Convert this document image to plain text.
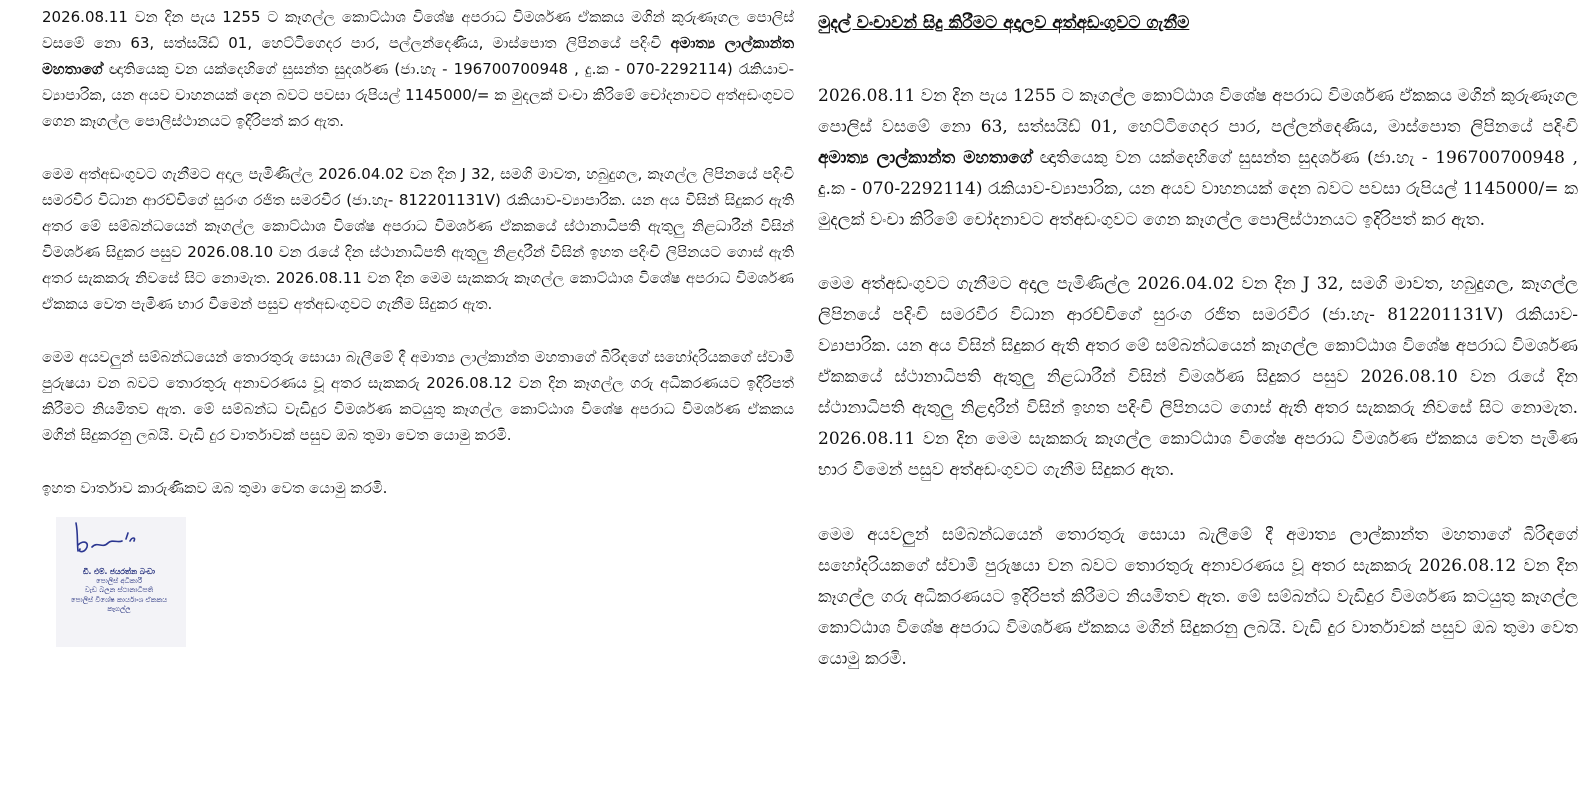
2026.08.11 වන දින පැය 1255 ට කෑගල්ල කොට්ඨාශ විශේෂ අපරාධ විමර්ශණ ඒකකය මගින් කුරුණෑගල පොලිස් වසමේ නො 63, සත්සයිඩ් 01, හෙට්ටිගෙදර පාර, පල්ලන්දෙණිය, මාස්පොත ලිපිනයේ පදිංචි අමාත්‍ය ලාල්කාන්ත මහතාගේ ඥාතියෙකු වන යක්දෙහිගේ සුසන්ත සුදර්ශණ (ජා.හැ - 196700700948 , දු.ක - 070-2292114) රැකියාව-ව්‍යාපාරික, යන අයව වාහනයක් දෙන බවට පවසා රුපියල් 1145000/= ක මුදලක් වංචා කිරිමේ චෝදනාවට අත්අඩංගුවට ගෙන කෑගල්ල පොලිස්ථානයට ඉදිරිපත් කර ඇත.

මෙම අත්අඩංගුවට ගැනීමට අදාල පැමිණිල්ල 2026.04.02 වන දින J 32, සමගි මාවත, හබුදුගල, කෑගල්ල ලිපිනයේ පදිංචි සමරවීර විධාන ආරච්චිගේ සුරංග රජිත සමරවීර (ජා.හැ- 812201131V) රැකියාව-ව්‍යාපාරික. යන අය විසින් සිදුකර ඇති අතර මේ සම්බන්ධයෙන් කෑගල්ල කොට්ඨාශ විශේෂ අපරාධ විමර්ශණ ඒකකයේ ස්ථානාධිපති ඇතුලු නිළධාරීන් විසින් විමර්ශණ සිදුකර පසුව 2026.08.10 වන රැයේ දින ස්ථානාධිපති ඇතුලු නිළදාරීන් විසින් ඉහත පදිංචි ලිපිනයට ගොස් ඇති අතර සැකකරු නිවසේ සිට නොමැත. 2026.08.11 වන දින මෙම සැකකරු කෑගල්ල කොට්ඨාශ විශේෂ අපරාධ විමර්ශණ ඒකකය වෙත පැමිණ භාර වීමෙන් පසුව අත්අඩංගුවට ගැනීම සිදුකර ඇත.

මෙම අයවලුන් සම්බන්ධයෙන් තොරතුරු සොයා බැලීමේ දී අමාත්‍ය ලාල්කාන්ත මහතාගේ බිරිඳගේ සහෝදරියකගේ ස්වාමි පුරුෂයා වන බවට තොරතුරු අනාවරණය වූ අතර සැකකරු 2026.08.12 වන දින කෑගල්ල ගරු අධිකරණයට ඉදිරිපත් කිරීමට නියමිතව ඇත. මේ සම්බන්ධ වැඩිදුර විමර්ශණ කටයුතු කෑගල්ල කොට්ඨාශ විශේෂ අපරාධ විමර්ශණ ඒකකය මගින් සිදුකරනු ලබයි. වැඩි දුර වාර්තාවක් පසුව ඔබ තුමා වෙත යොමු කරමි.

ඉහත වාර්තාව කාරුණිකව ඔබ තුමා වෙත යොමු කරමි.

ඩී. එම්. ජයරත්න බංඩා
පොලිස් අධිකාරී
වැඩ බලන ස්ථානාධිපති
පොලිස් විශේෂ කාර්යාංශ ඒකකය
කෑගල්ල
මුදල් වංචාවන් සිදු කිරීමට අදාලව අත්අඩංගුවට ගැනීම

2026.08.11 වන දින පැය 1255 ට කෑගල්ල කොට්ඨාශ විශේෂ අපරාධ විමර්ශණ ඒකකය මගින් කුරුණෑගල පොලිස් වසමේ නො 63, සත්සයිඩ් 01, හෙට්ටිගෙදර පාර, පල්ලන්දෙණිය, මාස්පොත ලිපිනයේ පදිංචි අමාත්‍ය ලාල්කාන්ත මහතාගේ ඥාතියෙකු වන යක්දෙහිගේ සුසන්ත සුදර්ශණ (ජා.හැ - 196700700948 , දු.ක - 070-2292114) රැකියාව-ව්‍යාපාරික, යන අයව වාහනයක් දෙන බවට පවසා රුපියල් 1145000/= ක මුදලක් වංචා කිරිමේ චෝදනාවට අත්අඩංගුවට ගෙන කෑගල්ල පොලිස්ථානයට ඉදිරිපත් කර ඇත.

මෙම අත්අඩංගුවට ගැනීමට අදාල පැමිණිල්ල 2026.04.02 වන දින J 32, සමගි මාවත, හබුදුගල, කෑගල්ල ලිපිනයේ පදිංචි සමරවීර විධාන ආරච්චිගේ සුරංග රජිත සමරවීර (ජා.හැ- 812201131V) රැකියාව-ව්‍යාපාරික. යන අය විසින් සිදුකර ඇති අතර මේ සම්බන්ධයෙන් කෑගල්ල කොට්ඨාශ විශේෂ අපරාධ විමර්ශණ ඒකකයේ ස්ථානාධිපති ඇතුලු නිළධාරීන් විසින් විමර්ශණ සිදුකර පසුව 2026.08.10 වන රැයේ දින ස්ථානාධිපති ඇතුලු නිළදාරීන් විසින් ඉහත පදිංචි ලිපිනයට ගොස් ඇති අතර සැකකරු නිවසේ සිට නොමැත. 2026.08.11 වන දින මෙම සැකකරු කෑගල්ල කොට්ඨාශ විශේෂ අපරාධ විමර්ශණ ඒකකය වෙත පැමිණ භාර වීමෙන් පසුව අත්අඩංගුවට ගැනීම සිදුකර ඇත.

මෙම අයවලුන් සම්බන්ධයෙන් තොරතුරු සොයා බැලීමේ දී අමාත්‍ය ලාල්කාන්ත මහතාගේ බිරිඳගේ සහෝදරියකගේ ස්වාමි පුරුෂයා වන බවට තොරතුරු අනාවරණය වූ අතර සැකකරු 2026.08.12 වන දින කෑගල්ල ගරු අධිකරණයට ඉදිරිපත් කිරීමට නියමිතව ඇත. මේ සම්බන්ධ වැඩිදුර විමර්ශණ කටයුතු කෑගල්ල කොට්ඨාශ විශේෂ අපරාධ විමර්ශණ ඒකකය මගින් සිදුකරනු ලබයි. වැඩි දුර වාර්තාවක් පසුව ඔබ තුමා වෙත යොමු කරමි.
